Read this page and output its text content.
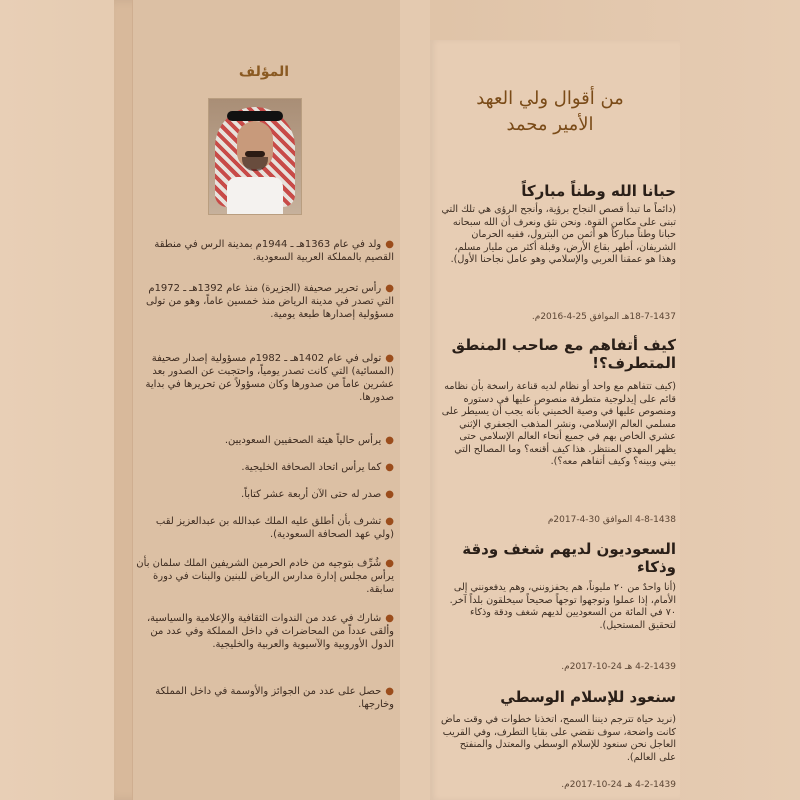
المؤلف
●ولد في عام 1363هـ ـ 1944م بمدينة الرس في منطقة القصيم بالمملكة العربية السعودية.
●رأس تحرير صحيفة (الجزيرة) منذ عام 1392هـ ـ 1972م التي تصدر في مدينة الرياض منذ خمسين عاماً، وهو من تولى مسؤولية إصدارها طبعة يومية.
●تولى في عام 1402هـ ـ 1982م مسؤولية إصدار صحيفة (المسائية) التي كانت تصدر يومياً، واحتجبت عن الصدور بعد عشرين عاماً من صدورها وكان مسؤولاً عن تحريرها في بداية صدورها.
●يرأس حالياً هيئة الصحفيين السعوديين.
●كما يرأس اتحاد الصحافة الخليجية.
●صدر له حتى الآن أربعة عشر كتاباً.
●تشرف بأن أطلق عليه الملك عبدالله بن عبدالعزيز لقب (ولي عهد الصحافة السعودية).
●شُرِّف بتوجيه من خادم الحرمين الشريفين الملك سلمان بأن يرأس مجلس إدارة مدارس الرياض للبنين والبنات في دورة سابقة.
●شارك في عدد من الندوات الثقافية والإعلامية والسياسية، وألقى عدداً من المحاضرات في داخل المملكة وفي عدد من الدول الأوروبية والآسيوية والعربية والخليجية.
●حصل على عدد من الجوائز والأوسمة في داخل المملكة وخارجها.
من أقوال ولي العهد
الأمير محمد
حبانا الله وطناً مباركاً
(دائماً ما تبدأ قصص النجاح برؤية، وأنجح الرؤى هي تلك التي تبنى على مكامن القوة. ونحن نثق ونعرف أن الله سبحانه حبانا وطناً مباركاً هو أثمن من البترول، ففيه الحرمان الشريفان، أطهر بقاع الأرض، وقبلة أكثر من مليار مسلم، وهذا هو عمقنا العربي والإسلامي وهو عامل نجاحنا الأول).
18-7-1437هـ الموافق 25-4-2016م.
كيف أتفاهم مع صاحب المنطق المتطرف؟!
(كيف تتفاهم مع واحد أو نظام لديه قناعة راسخة بأن نظامه قائم على إيدلوجية متطرفة منصوص عليها في دستوره ومنصوص عليها في وصية الخميني بأنه يجب أن يسيطر على مسلمي العالم الإسلامي، ونشر المذهب الجعفري الإثني عشري الخاص بهم في جميع أنحاء العالم الإسلامي حتى يظهر المهدي المنتظر. هذا كيف أقنعه؟ وما المصالح التي بيني وبينه؟ وكيف أتفاهم معه؟).
4-8-1438 الموافق 30-4-2017م
السعوديون لديهم شغف ودقة وذكاء
(أنا واحدٌ من ٢٠ مليوناً، هم يحفزونني، وهم يدفعونني إلى الأمام، إذا عملوا وتوجهوا توجهاً صحيحاً سيخلقون بلداً آخر. ٧٠ في المائة من السعوديين لديهم شغف ودقة وذكاء لتحقيق المستحيل).
4-2-1439 هـ 24-10-2017م.
سنعود للإسلام الوسطي
(نريد حياة تترجم ديننا السمح، اتخذنا خطوات في وقت ماض كانت واضحة، سوف نقضي على بقايا التطرف، وفي القريب العاجل نحن سنعود للإسلام الوسطي والمعتدل والمنفتح على العالم).
4-2-1439 هـ 24-10-2017م.
